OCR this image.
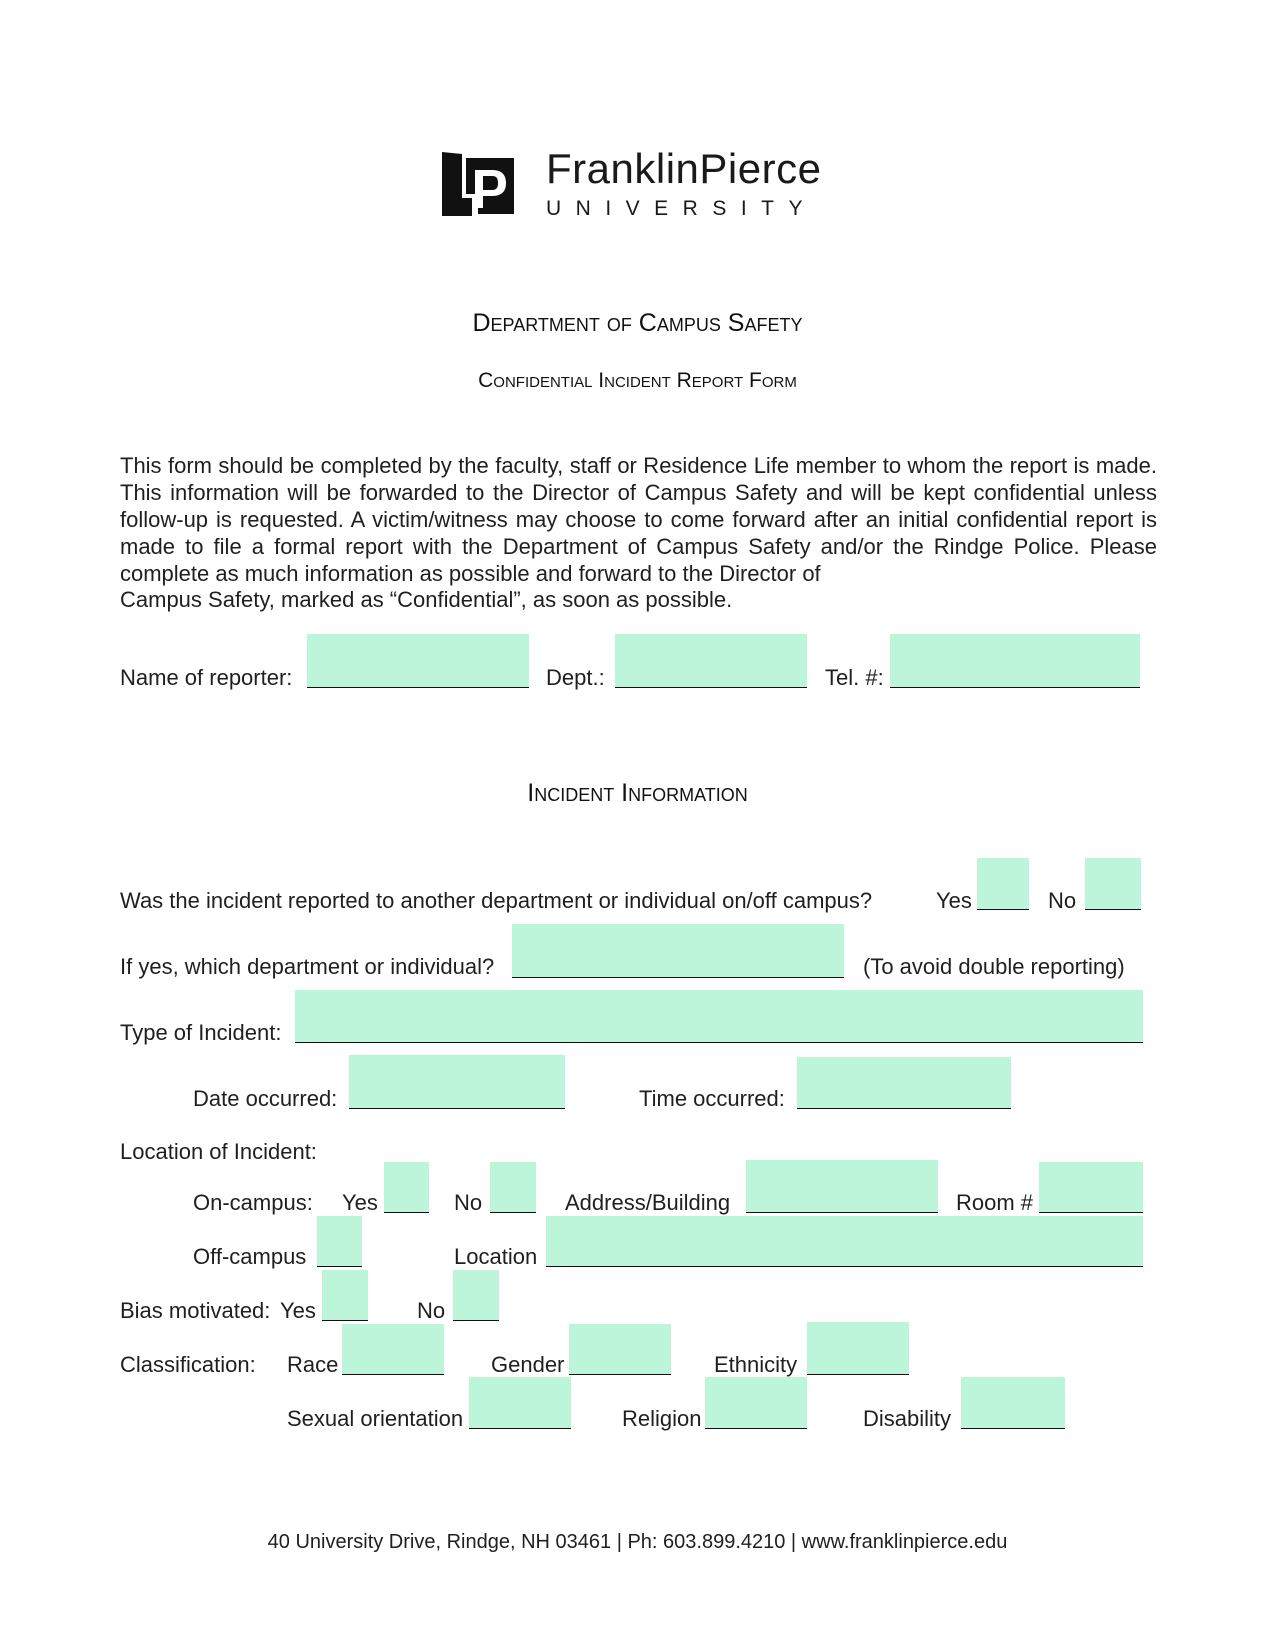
FranklinPierce
UNIVERSITY
Department of Campus Safety
Confidential Incident Report Form

This form should be completed by the faculty, staff or Residence Life member to whom the report is made. This information will be forwarded to the Director of Campus Safety and will be kept confidential unless follow-up is requested. A victim/witness may choose to come forward after an initial confidential report is made to file a formal report with the Department of Campus Safety and/or the Rindge Police. Please complete as much information as possible and forward to the Director of

Campus Safety, marked as “Confidential”, as soon as possible.
Name of reporter:	Dept.:	Tel. #:
Incident Information
Was the incident reported to another department or individual on/off campus?	Yes	No
If yes, which department or individual?	(To avoid double reporting)
Type of Incident:
Date occurred:	Time occurred:
Location of Incident:
On-campus: Yes	No	Address/Building	Room #
Off-campus	Location
Bias motivated: Yes	No
Classification: Race	Gender	Ethnicity
Sexual orientation	Religion	Disability
40 University Drive, Rindge, NH 03461 | Ph: 603.899.4210 | www.franklinpierce.edu
